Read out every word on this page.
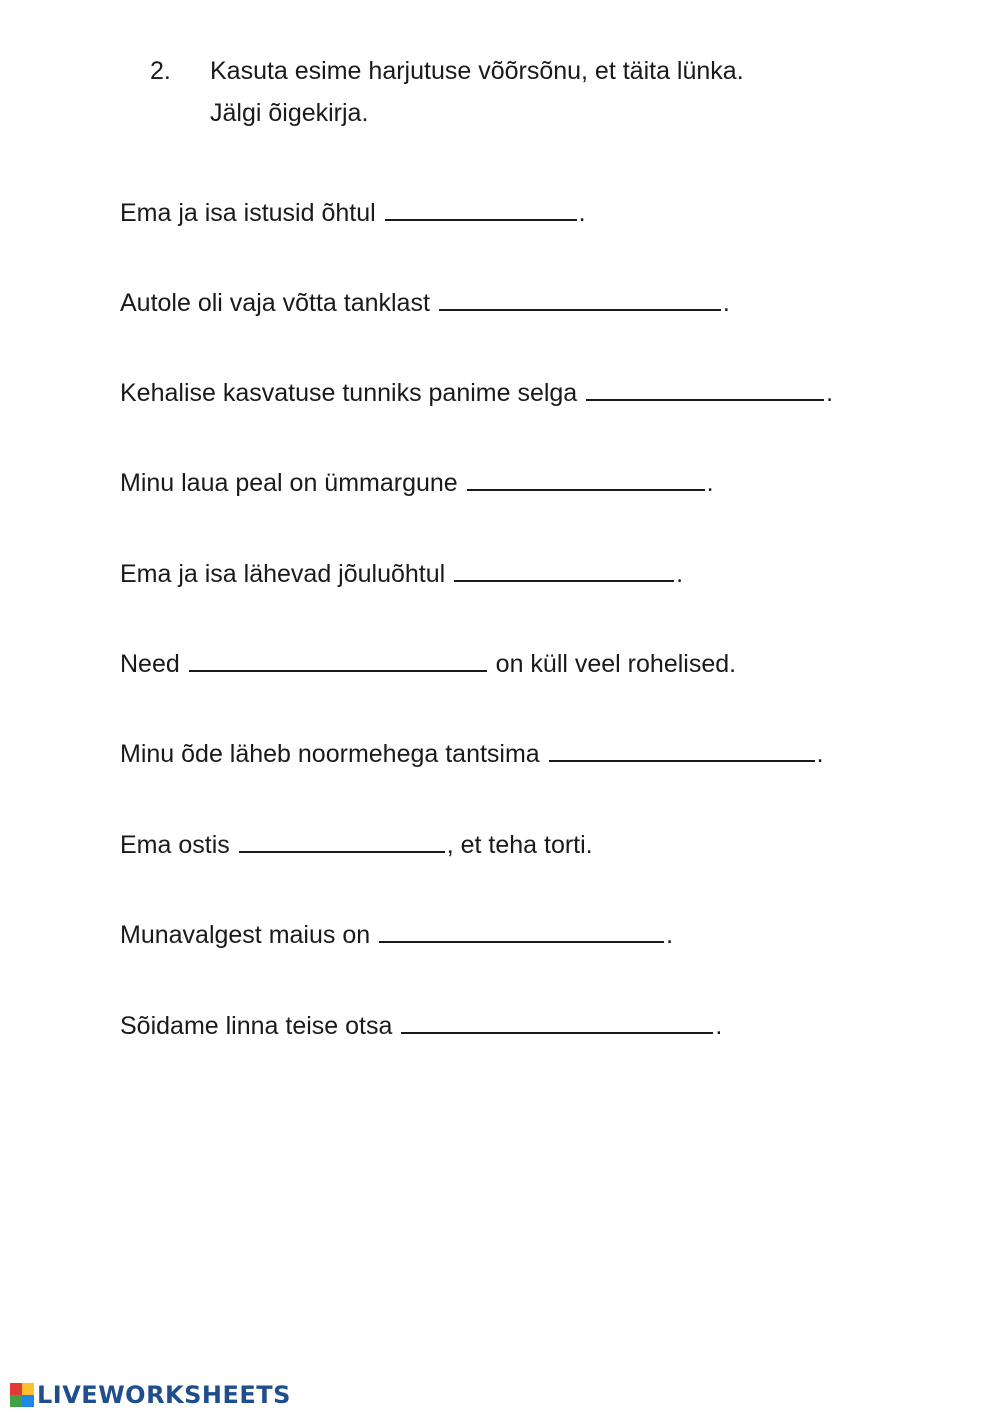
2. Kasuta esime harjutuse võõrsõnu, et täita lünka.
Jälgi õigekirja.
Ema ja isa istusid õhtul	.
Autole oli vaja võtta tanklast	.
Kehalise kasvatuse tunniks panime selga	.
Minu laua peal on ümmargune	.
Ema ja isa lähevad jõuluõhtul	.
Need	on küll veel rohelised.
Minu õde läheb noormehega tantsima	.
Ema ostis	, et teha torti.
Munavalgest maius on	.
Sõidame linna teise otsa	.
LIVEWORKSHEETS
